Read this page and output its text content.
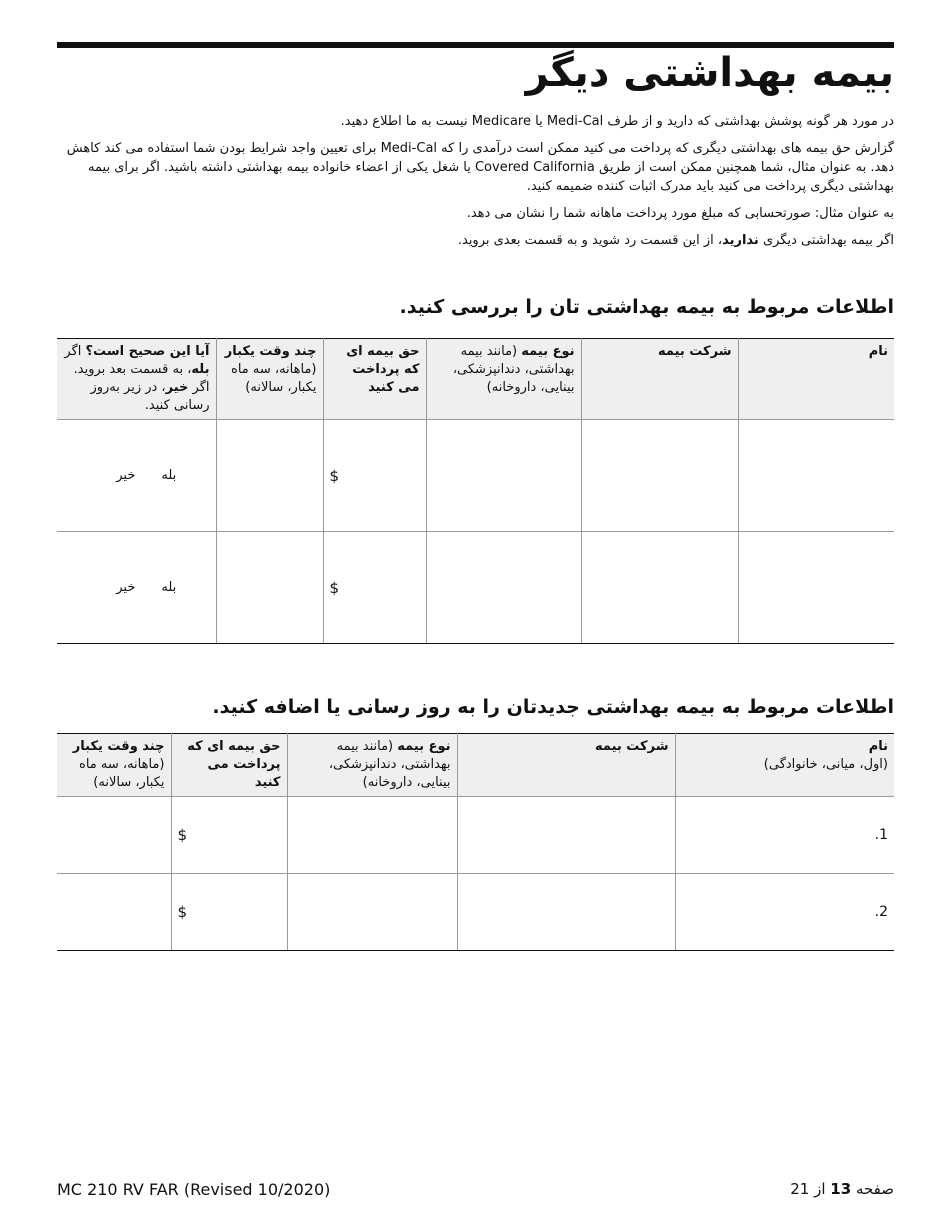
بیمه بهداشتی دیگر

در مورد هر گونه پوشش بهداشتی که دارید و از طرف Medi-Cal یا Medicare نیست به ما اطلاع دهید.

گزارش حق بیمه های بهداشتی دیگری که پرداخت می کنید ممکن است درآمدی را که Medi-Cal برای تعیین واجد شرایط بودن شما استفاده می کند کاهش دهد. به عنوان مثال، شما همچنین ممکن است از طریق Covered California یا شغل یکی از اعضاء خانواده بیمه بهداشتی داشته باشید. اگر برای بیمه بهداشتی دیگری پرداخت می کنید باید مدرک اثبات کننده ضمیمه کنید.

به عنوان مثال: صورتحسابی که مبلغ مورد پرداخت ماهانه شما را نشان می دهد.

اگر بیمه بهداشتی دیگری ندارید، از این قسمت رد شوید و به قسمت بعدی بروید.

اطلاعات مربوط به بیمه بهداشتی تان را بررسی کنید.
نام	شرکت بیمه	نوع بیمه (مانند بیمه بهداشتی، دندانپزشکی، بینایی، داروخانه)	حق بیمه ای که پرداخت می کنید	چند وقت یکبار (ماهانه، سه ماه یکبار، سالانه)	آیا این صحیح است؟ اگر بله، به قسمت بعد بروید. اگر خیر، در زیر به‌روز رسانی کنید.

			$		بله
خیر

			$		بله
خیر
اطلاعات مربوط به بیمه بهداشتی جدیدتان را به روز رسانی یا اضافه کنید.
نام
(اول، میانی، خانوادگی)	شرکت بیمه	نوع بیمه (مانند بیمه بهداشتی، دندانپزشکی، بینایی، داروخانه)	حق بیمه ای که پرداخت می کنید	چند وقت یکبار
(ماهانه، سه ماه یکبار، سالانه)
1.			$	

2.			$	

MC 210 RV FAR (Revised 10/2020)	صفحه 13 از 21
